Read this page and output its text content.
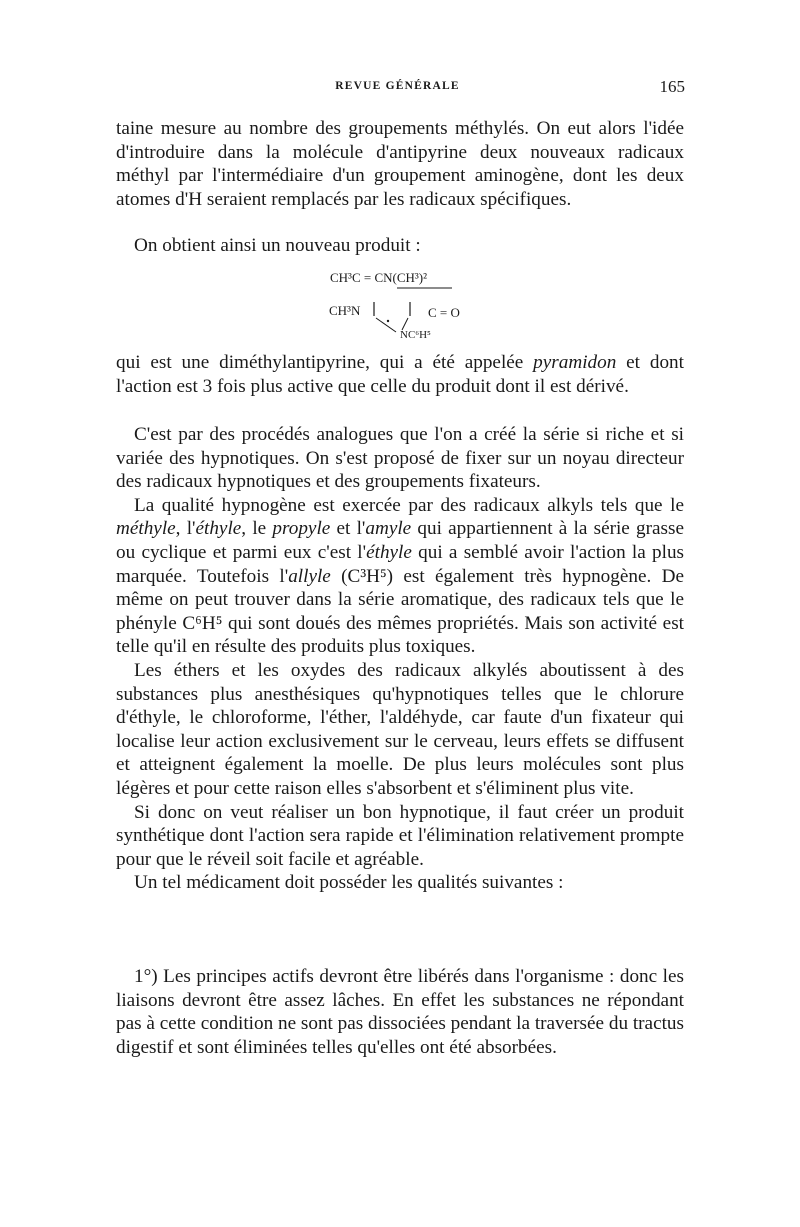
REVUE GÉNÉRALE	165

taine mesure au nombre des groupements méthylés. On eut alors l'idée d'introduire dans la molécule d'antipyrine deux nouveaux radicaux méthyl par l'intermédiaire d'un groupement aminogène, dont les deux atomes d'H seraient remplacés par les radicaux spécifiques.

On obtient ainsi un nouveau produit :

CH³C = CN(CH³)²
CH³N	C = O
NC⁶H⁵

qui est une diméthylantipyrine, qui a été appelée pyramidon et dont l'action est 3 fois plus active que celle du produit dont il est dérivé.

C'est par des procédés analogues que l'on a créé la série si riche et si variée des hypnotiques. On s'est proposé de fixer sur un noyau directeur des radicaux hypnotiques et des groupements fixateurs.

La qualité hypnogène est exercée par des radicaux alkyls tels que le méthyle, l'éthyle, le propyle et l'amyle qui appartiennent à la série grasse ou cyclique et parmi eux c'est l'éthyle qui a semblé avoir l'action la plus marquée. Toutefois l'allyle (C³H⁵) est également très hypnogène. De même on peut trouver dans la série aromatique, des radicaux tels que le phényle C⁶H⁵ qui sont doués des mêmes propriétés. Mais son activité est telle qu'il en résulte des produits plus toxiques.

Les éthers et les oxydes des radicaux alkylés aboutissent à des substances plus anesthésiques qu'hypnotiques telles que le chlorure d'éthyle, le chloroforme, l'éther, l'aldéhyde, car faute d'un fixateur qui localise leur action exclusivement sur le cerveau, leurs effets se diffusent et atteignent également la moelle. De plus leurs molécules sont plus légères et pour cette raison elles s'absorbent et s'éliminent plus vite.

Si donc on veut réaliser un bon hypnotique, il faut créer un produit synthétique dont l'action sera rapide et l'élimination relativement prompte pour que le réveil soit facile et agréable.

Un tel médicament doit posséder les qualités suivantes :

1°) Les principes actifs devront être libérés dans l'organisme : donc les liaisons devront être assez lâches. En effet les substances ne répondant pas à cette condition ne sont pas dissociées pendant la traversée du tractus digestif et sont éliminées telles qu'elles ont été absorbées.
